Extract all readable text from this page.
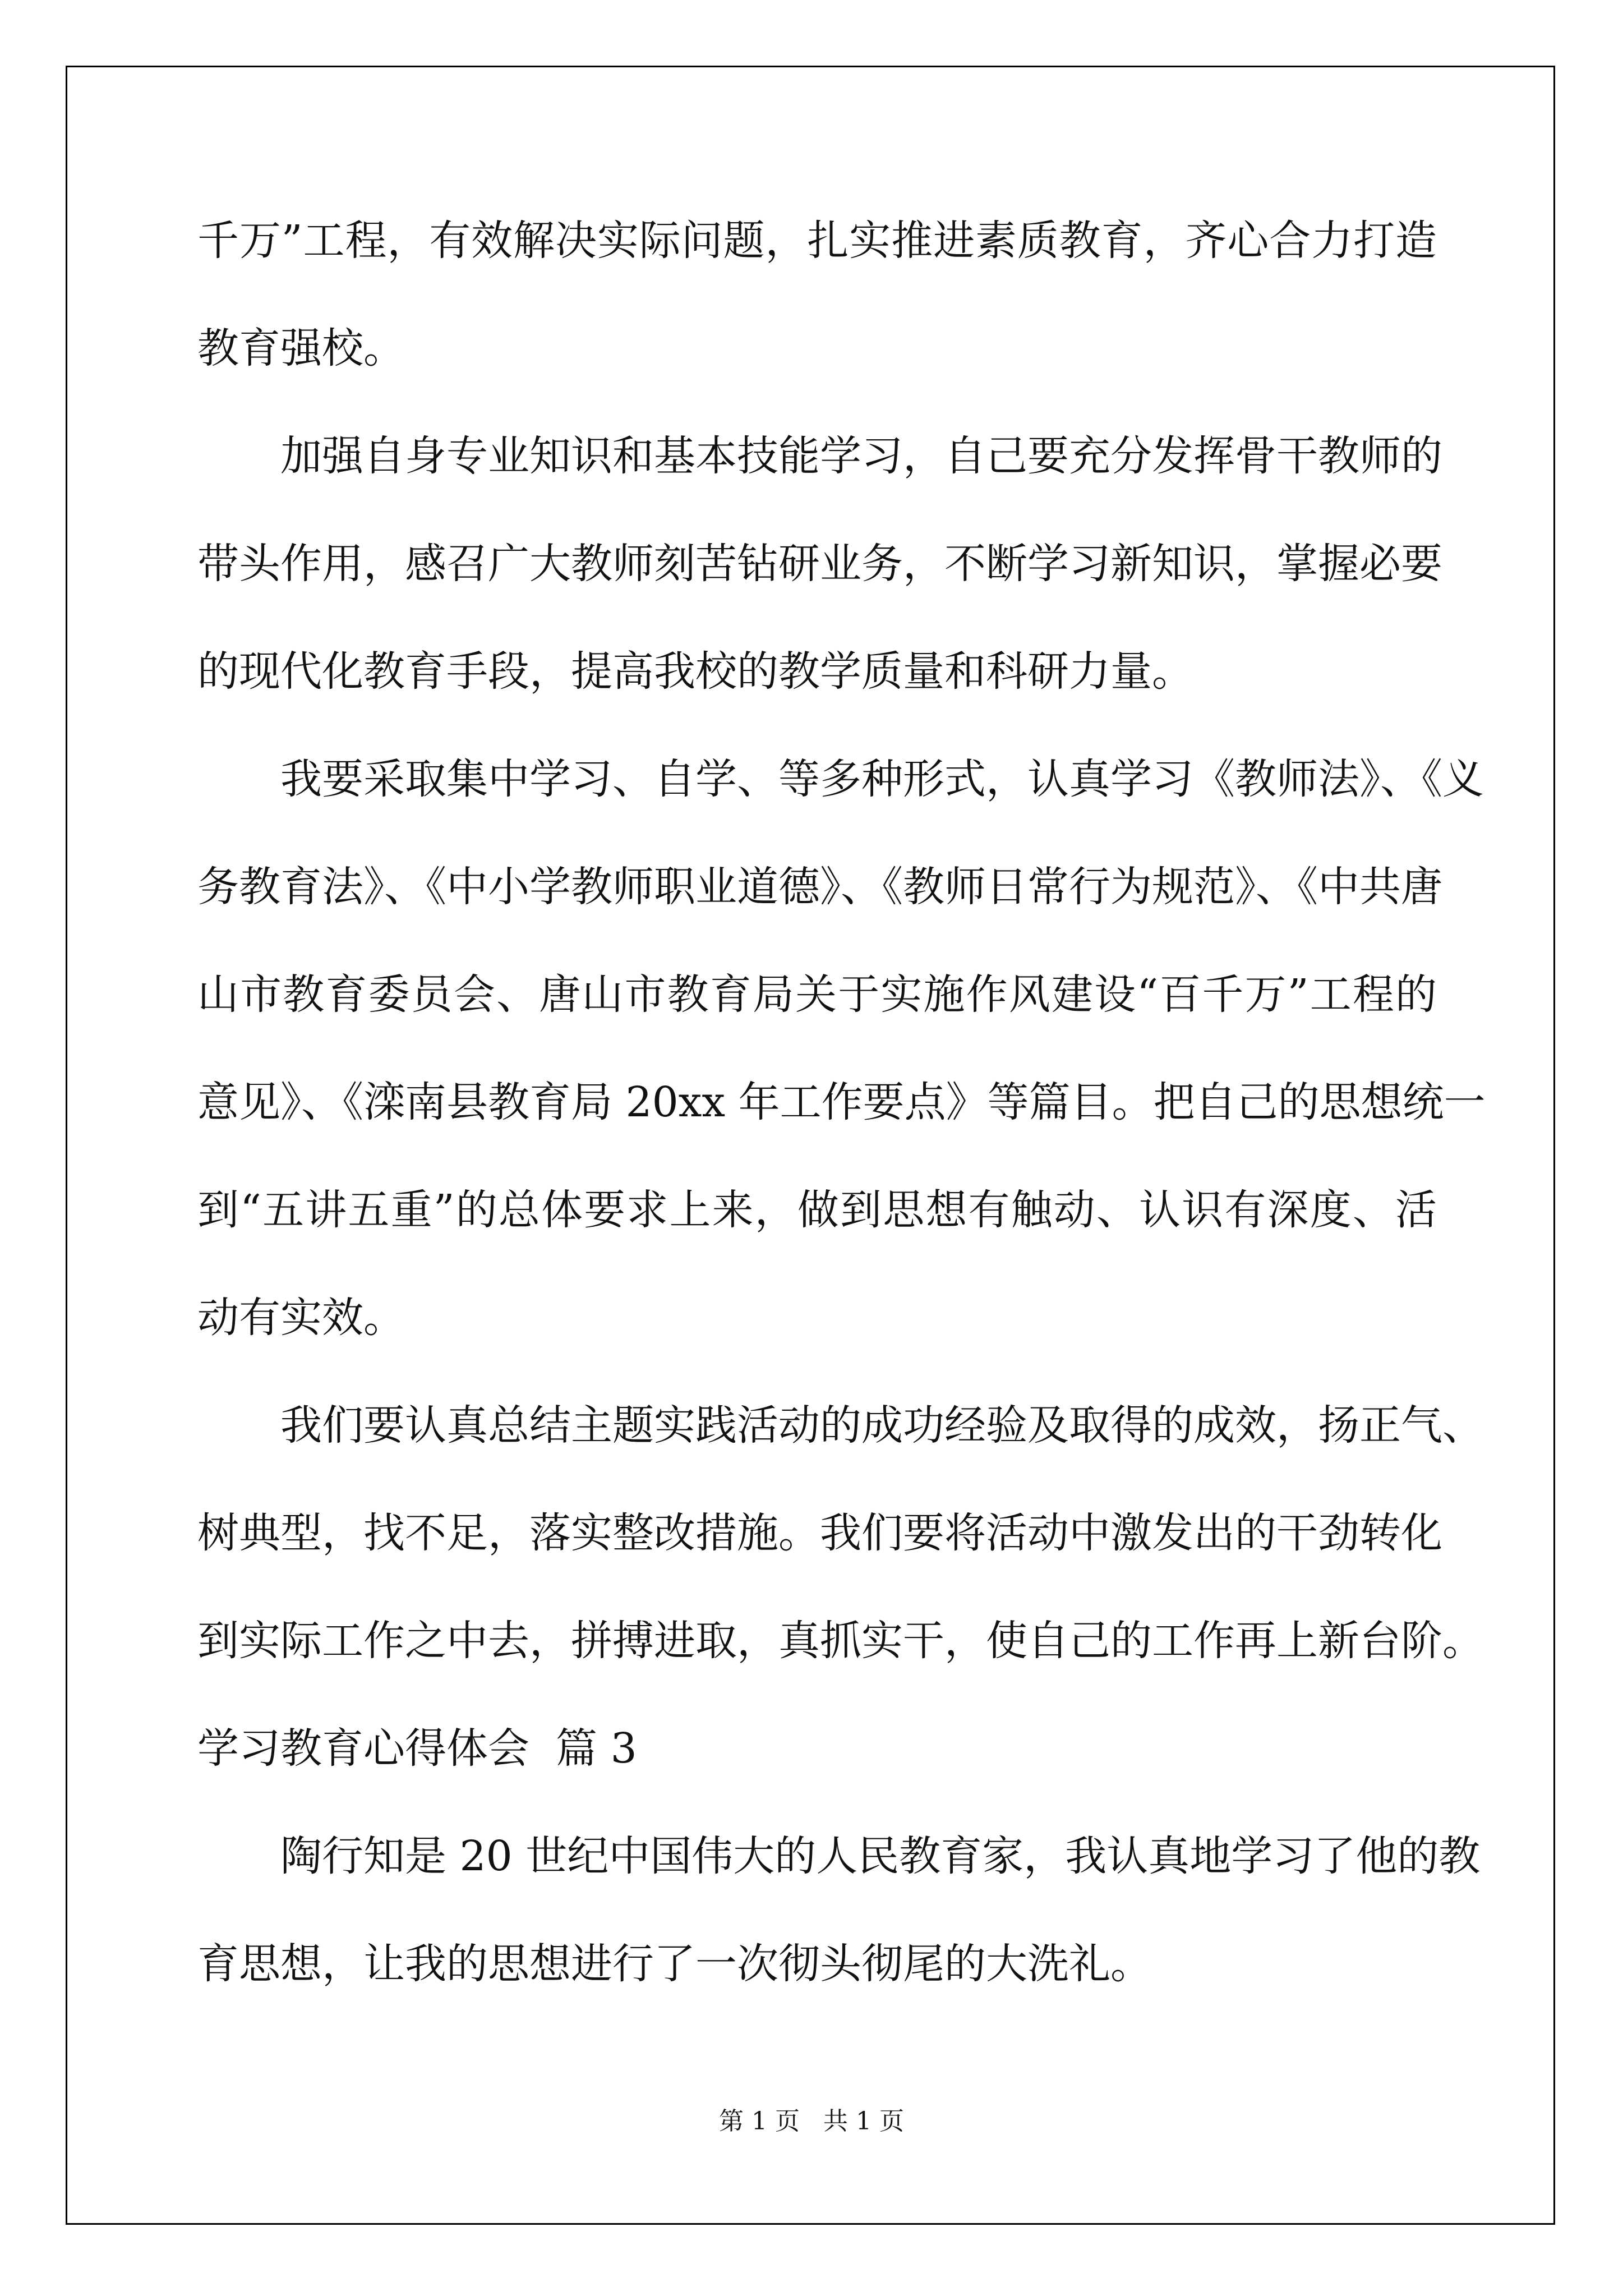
千万”工程，有效解决实际问题，扎实推进素质教育，齐心合力打造
教育强校。
加强自身专业知识和基本技能学习，自己要充分发挥骨干教师的
带头作用，感召广大教师刻苦钻研业务，不断学习新知识，掌握必要
的现代化教育手段，提高我校的教学质量和科研力量。
我要采取集中学习、自学、等多种形式，认真学习《教师法》、《义
务教育法》、《中小学教师职业道德》、《教师日常行为规范》、《中共唐
山市教育委员会、唐山市教育局关于实施作风建设“百千万”工程的
意见》、《滦南县教育局 20xx 年工作要点》等篇目。把自己的思想统一
到“五讲五重”的总体要求上来，做到思想有触动、认识有深度、活
动有实效。
我们要认真总结主题实践活动的成功经验及取得的成效，扬正气、
树典型，找不足，落实整改措施。我们要将活动中激发出的干劲转化
到实际工作之中去，拼搏进取，真抓实干，使自己的工作再上新台阶。
学习教育心得体会  篇 3
陶行知是 20 世纪中国伟大的人民教育家，我认真地学习了他的教
育思想，让我的思想进行了一次彻头彻尾的大洗礼。
第 1 页   共 1 页
